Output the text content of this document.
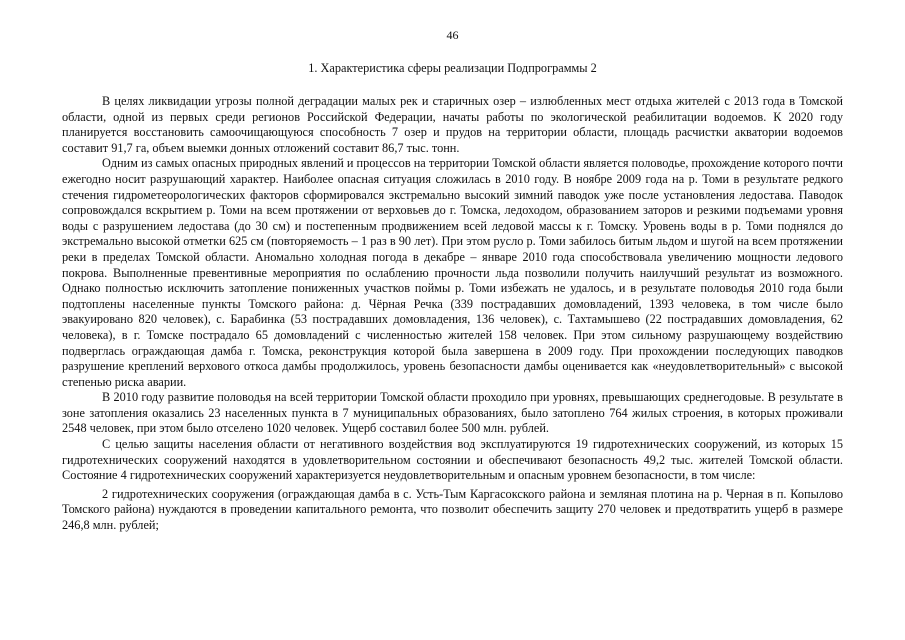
46
1. Характеристика сферы реализации Подпрограммы 2

В целях ликвидации угрозы полной деградации малых рек и старичных озер – излюбленных мест отдыха жителей с 2013 года в Томской области, одной из первых среди регионов Российской Федерации, начаты работы по экологической реабилитации водоемов. К 2020 году планируется восстановить самоочищающуюся способность 7 озер и прудов на территории области, площадь расчистки акватории водоемов составит 91,7 га, объем выемки донных отложений составит 86,7 тыс. тонн.

Одним из самых опасных природных явлений и процессов на территории Томской области является половодье, прохождение которого почти ежегодно носит разрушающий характер. Наиболее опасная ситуация сложилась в 2010 году. В ноябре 2009 года на р. Томи в результате редкого стечения гидрометеорологических факторов сформировался экстремально высокий зимний паводок уже после установления ледостава. Паводок сопровождался вскрытием р. Томи на всем протяжении от верховьев до г. Томска, ледоходом, образованием заторов и резкими подъемами уровня воды с разрушением ледостава (до 30 см) и постепенным продвижением всей ледовой массы к г. Томску. Уровень воды в р. Томи поднялся до экстремально высокой отметки 625 см (повторяемость – 1 раз в 90 лет). При этом русло р. Томи забилось битым льдом и шугой на всем протяжении реки в пределах Томской области. Аномально холодная погода в декабре – январе 2010 года способствовала увеличению мощности ледового покрова. Выполненные превентивные мероприятия по ослаблению прочности льда позволили получить наилучший результат из возможного. Однако полностью исключить затопление пониженных участков поймы р. Томи избежать не удалось, и в результате половодья 2010 года были подтоплены населенные пункты Томского района: д. Чёрная Речка (339 пострадавших домовладений, 1393 человека, в том числе было эвакуировано 820 человек), с. Барабинка (53 пострадавших домовладения, 136 человек), с. Тахтамышево (22 пострадавших домовладения, 62 человека), в г. Томске пострадало 65 домовладений с численностью жителей 158 человек. При этом сильному разрушающему воздействию подверглась ограждающая дамба г. Томска, реконструкция которой была завершена в 2009 году. При прохождении последующих паводков разрушение креплений верхового откоса дамбы продолжилось, уровень безопасности дамбы оценивается как «неудовлетворительный» с высокой степенью риска аварии.

В 2010 году развитие половодья на всей территории Томской области проходило при уровнях, превышающих среднегодовые. В результате в зоне затопления оказались 23 населенных пункта в 7 муниципальных образованиях, было затоплено 764 жилых строения, в которых проживали 2548 человек, при этом было отселено 1020 человек. Ущерб составил более 500 млн. рублей.

С целью защиты населения области от негативного воздействия вод эксплуатируются 19 гидротехнических сооружений, из которых 15 гидротехнических сооружений находятся в удовлетворительном состоянии и обеспечивают безопасность 49,2 тыс. жителей Томской области. Состояние 4 гидротехнических сооружений характеризуется неудовлетворительным и опасным уровнем безопасности, в том числе:

2 гидротехнических сооружения (ограждающая дамба в с. Усть-Тым Каргасокского района и земляная плотина на р. Черная в п. Копылово Томского района) нуждаются в проведении капитального ремонта, что позволит обеспечить защиту 270 человек и предотвратить ущерб в размере 246,8 млн. рублей;
